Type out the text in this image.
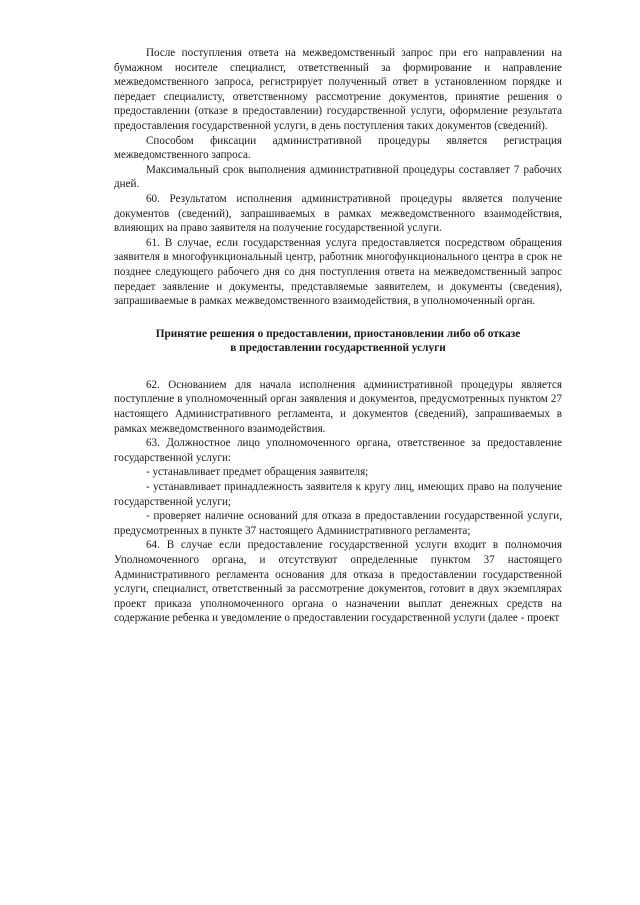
После поступления ответа на межведомственный запрос при его направлении на бумажном носителе специалист, ответственный за формирование и направление межведомственного запроса, регистрирует полученный ответ в установленном порядке и передает специалисту, ответственному рассмотрение документов, принятие решения о предоставлении (отказе в предоставлении) государственной услуги, оформление результата предоставления государственной услуги, в день поступления таких документов (сведений).

Способом фиксации административной процедуры является регистрация межведомственного запроса.

Максимальный срок выполнения административной процедуры составляет 7 рабочих дней.

60. Результатом исполнения административной процедуры является получение документов (сведений), запрашиваемых в рамках межведомственного взаимодействия, влияющих на право заявителя на получение государственной услуги.

61. В случае, если государственная услуга предоставляется посредством обращения заявителя в многофункциональный центр, работник многофункционального центра в срок не позднее следующего рабочего дня со дня поступления ответа на межведомственный запрос передает заявление и документы, представляемые заявителем, и документы (сведения), запрашиваемые в рамках межведомственного взаимодействия, в уполномоченный орган.

Принятие решения о предоставлении, приостановлении либо об отказе
в предоставлении государственной услуги

62. Основанием для начала исполнения административной процедуры является поступление в уполномоченный орган заявления и документов, предусмотренных пунктом 27 настоящего Административного регламента, и документов (сведений), запрашиваемых в рамках межведомственного взаимодействия.

63. Должностное лицо уполномоченного органа, ответственное за предоставление государственной услуги:

- устанавливает предмет обращения заявителя;

- устанавливает принадлежность заявителя к кругу лиц, имеющих право на получение государственной услуги;

- проверяет наличие оснований для отказа в предоставлении государственной услуги, предусмотренных в пункте 37 настоящего Административного регламента;

64. В случае если предоставление государственной услуги входит в полномочия Уполномоченного органа, и отсутствуют определенные пунктом 37 настоящего Административного регламента основания для отказа в предоставлении государственной услуги, специалист, ответственный за рассмотрение документов, готовит в двух экземплярах проект приказа уполномоченного органа о назначении выплат денежных средств на содержание ребенка и уведомление о предоставлении государственной услуги (далее - проект
